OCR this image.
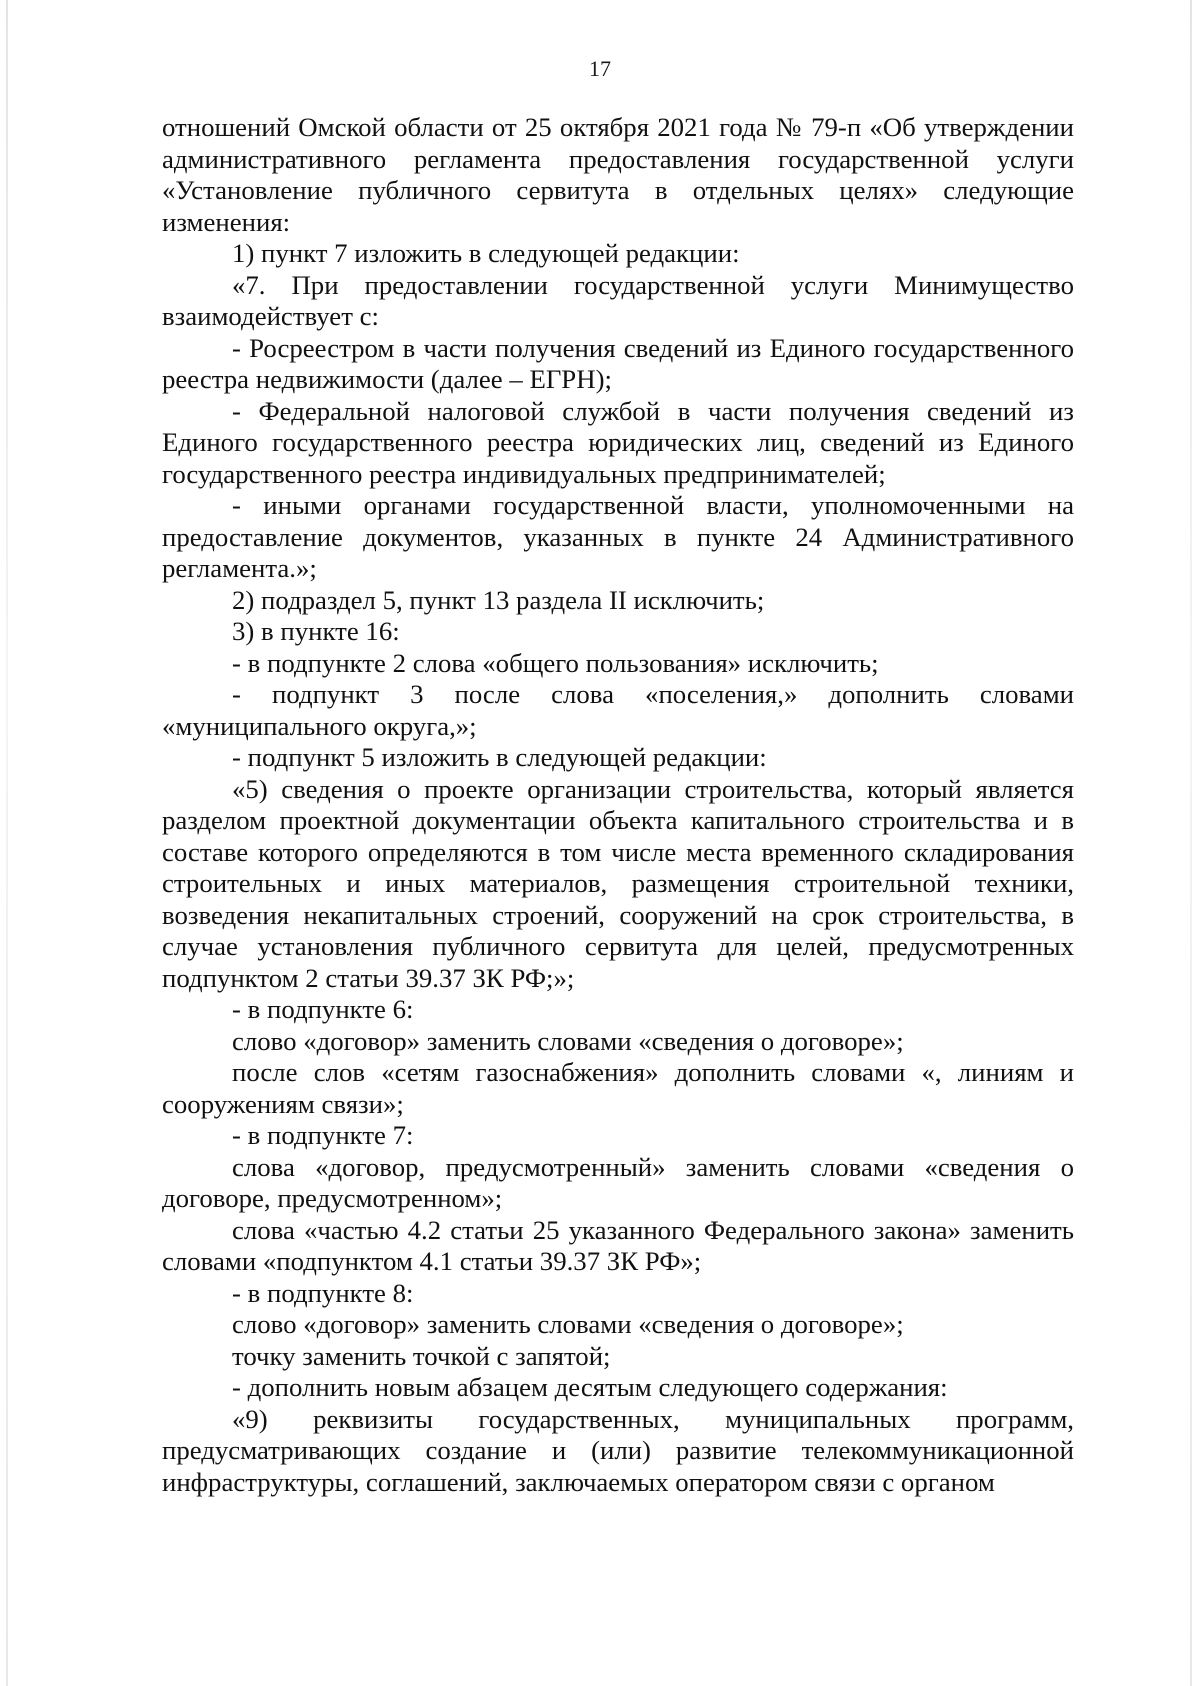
17

отношений Омской области от 25 октября 2021 года № 79-п «Об утверждении административного регламента предоставления государственной услуги «Установление публичного сервитута в отдельных целях» следующие изменения:

1) пункт 7 изложить в следующей редакции:

«7. При предоставлении государственной услуги Минимущество взаимодействует с:

- Росреестром в части получения сведений из Единого государственного реестра недвижимости (далее – ЕГРН);

- Федеральной налоговой службой в части получения сведений из Единого государственного реестра юридических лиц, сведений из Единого государственного реестра индивидуальных предпринимателей;

- иными органами государственной власти, уполномоченными на предоставление документов, указанных в пункте 24 Административного регламента.»;

2) подраздел 5, пункт 13 раздела II исключить;

3) в пункте 16:

- в подпункте 2 слова «общего пользования» исключить;

- подпункт 3 после слова «поселения,» дополнить словами «муниципального округа,»;

- подпункт 5 изложить в следующей редакции:

«5) сведения о проекте организации строительства, который является разделом проектной документации объекта капитального строительства и в составе которого определяются в том числе места временного складирования строительных и иных материалов, размещения строительной техники, возведения некапитальных строений, сооружений на срок строительства, в случае установления публичного сервитута для целей, предусмотренных подпунктом 2 статьи 39.37 ЗК РФ;»;

- в подпункте 6:

слово «договор» заменить словами «сведения о договоре»;

после слов «сетям газоснабжения» дополнить словами «, линиям и сооружениям связи»;

- в подпункте 7:

слова «договор, предусмотренный» заменить словами «сведения о договоре, предусмотренном»;

слова «частью 4.2 статьи 25 указанного Федерального закона» заменить словами «подпунктом 4.1 статьи 39.37 ЗК РФ»;

- в подпункте 8:

слово «договор» заменить словами «сведения о договоре»;

точку заменить точкой с запятой;

- дополнить новым абзацем десятым следующего содержания:

«9) реквизиты государственных, муниципальных программ, предусматривающих создание и (или) развитие телекоммуникационной инфраструктуры, соглашений, заключаемых оператором связи с органом
